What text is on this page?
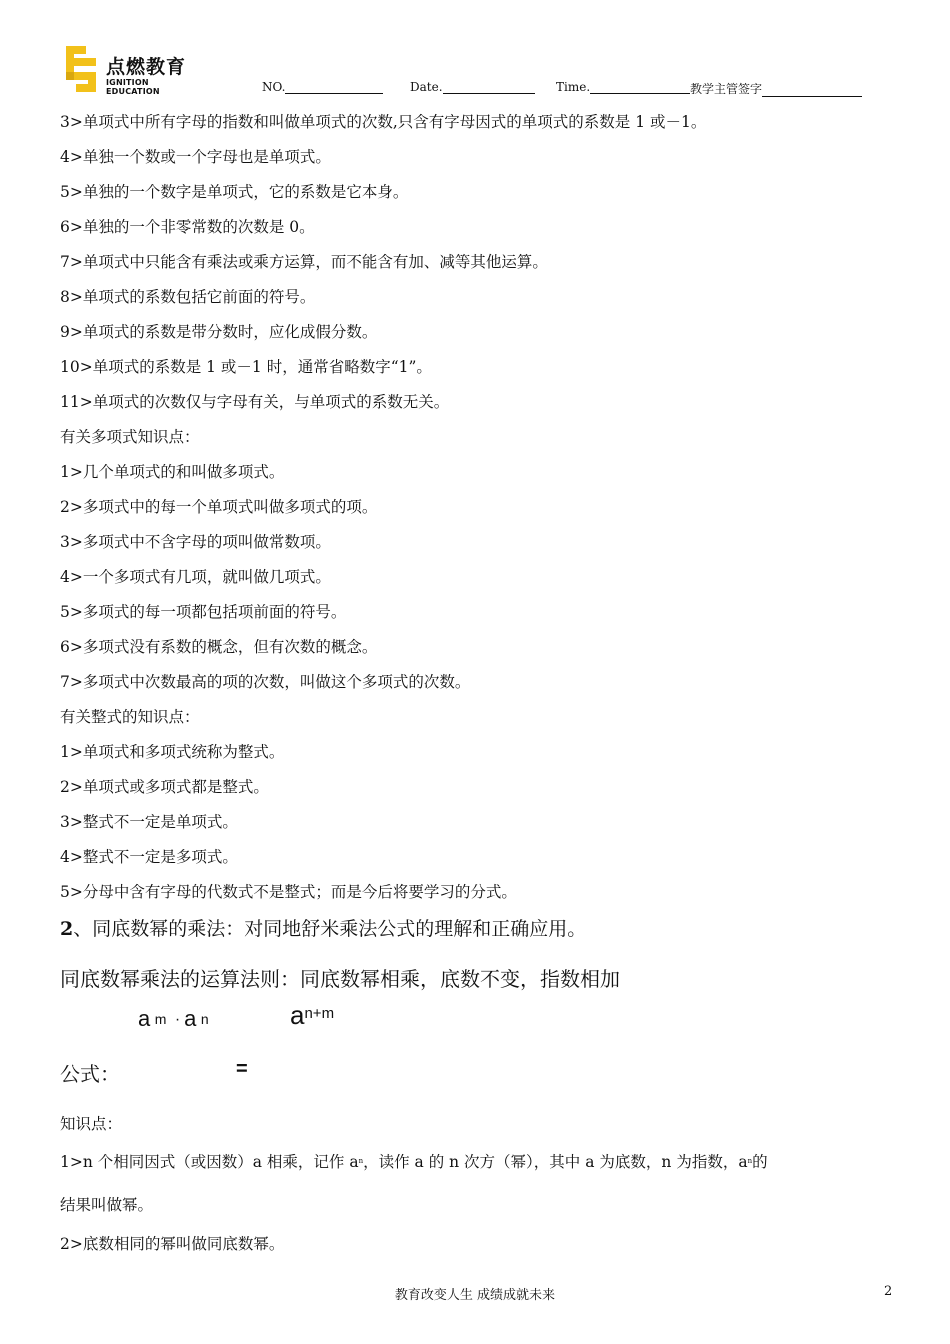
点燃教育
IGNITION EDUCATION	NO.	Date.	Time.	教学主管签字
3>单项式中所有字母的指数和叫做单项式的次数,只含有字母因式的单项式的系数是 1 或－1。
4>单独一个数或一个字母也是单项式。
5>单独的一个数字是单项式，它的系数是它本身。
6>单独的一个非零常数的次数是 0。
7>单项式中只能含有乘法或乘方运算，而不能含有加、减等其他运算。
8>单项式的系数包括它前面的符号。
9>单项式的系数是带分数时，应化成假分数。
10>单项式的系数是 1 或－1 时，通常省略数字“1”。
11>单项式的次数仅与字母有关，与单项式的系数无关。
有关多项式知识点：
1>几个单项式的和叫做多项式。
2>多项式中的每一个单项式叫做多项式的项。
3>多项式中不含字母的项叫做常数项。
4>一个多项式有几项，就叫做几项式。
5>多项式的每一项都包括项前面的符号。
6>多项式没有系数的概念，但有次数的概念。
7>多项式中次数最高的项的次数，叫做这个多项式的次数。
有关整式的知识点：
1>单项式和多项式统称为整式。
2>单项式或多项式都是整式。
3>整式不一定是单项式。
4>整式不一定是多项式。
5>分母中含有字母的代数式不是整式；而是今后将要学习的分式。
2、同底数幂的乘法：对同地舒米乘法公式的理解和正确应用。
同底数幂乘法的运算法则：同底数幂相乘，底数不变，指数相加
a m · a n	an+m
公式：	=
知识点：
1>n 个相同因式（或因数）a 相乘，记作 $a^n$，读作 a 的 n 次方（幂），其中 a 为底数，n 为指数，$a^n$的
结果叫做幂。
2>底数相同的幂叫做同底数幂。
教育改变人生 成绩成就未来	2
